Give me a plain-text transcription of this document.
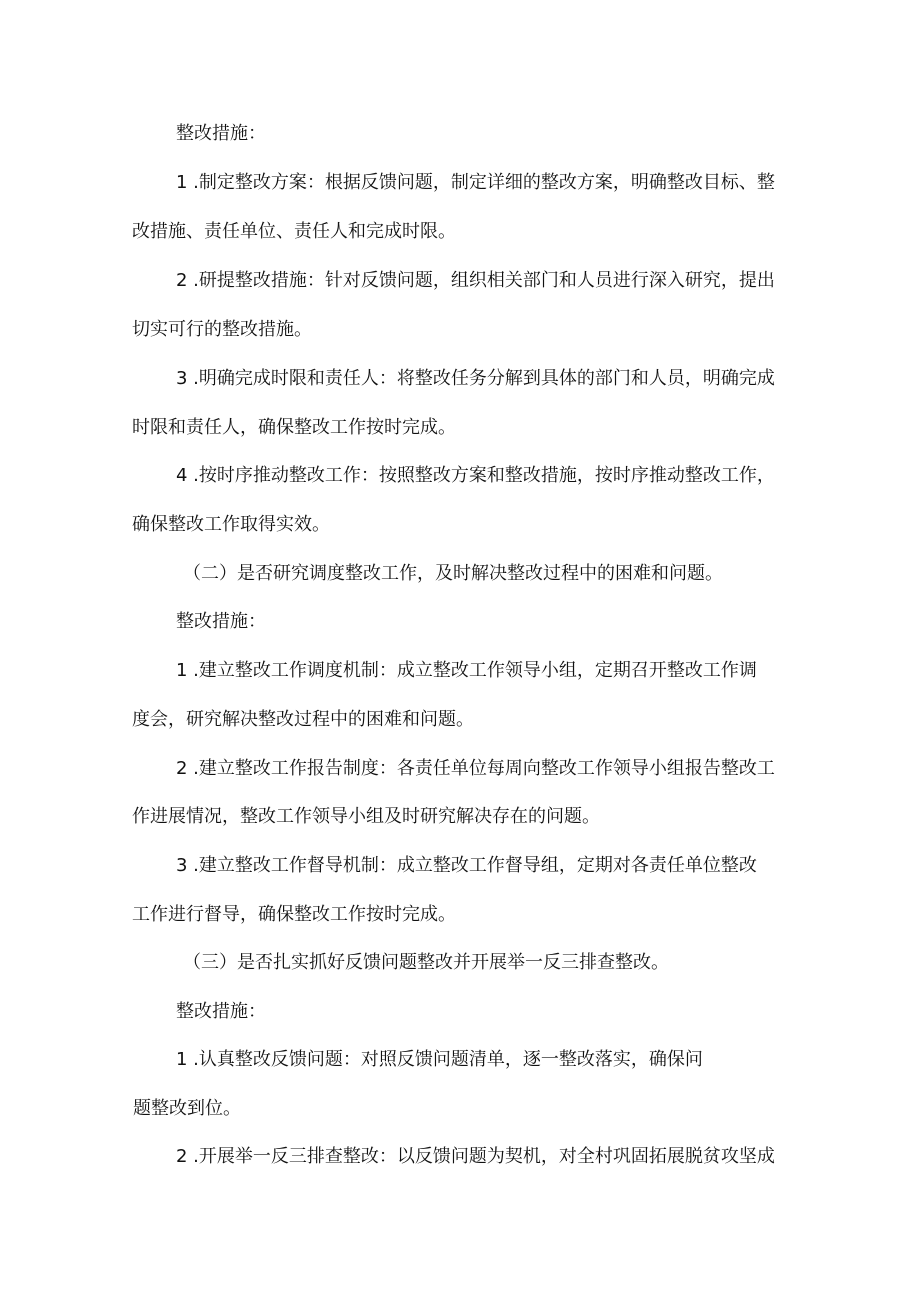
整改措施：
1 .制定整改方案：根据反馈问题，制定详细的整改方案，明确整改目标、整
改措施、责任单位、责任人和完成时限。
2 .研提整改措施：针对反馈问题，组织相关部门和人员进行深入研究，提出
切实可行的整改措施。
3 .明确完成时限和责任人：将整改任务分解到具体的部门和人员，明确完成
时限和责任人，确保整改工作按时完成。
4 .按时序推动整改工作：按照整改方案和整改措施，按时序推动整改工作，
确保整改工作取得实效。
（二）是否研究调度整改工作，及时解决整改过程中的困难和问题。
整改措施：
1 .建立整改工作调度机制：成立整改工作领导小组，定期召开整改工作调
度会，研究解决整改过程中的困难和问题。
2 .建立整改工作报告制度：各责任单位每周向整改工作领导小组报告整改工
作进展情况，整改工作领导小组及时研究解决存在的问题。
3 .建立整改工作督导机制：成立整改工作督导组，定期对各责任单位整改
工作进行督导，确保整改工作按时完成。
（三）是否扎实抓好反馈问题整改并开展举一反三排查整改。
整改措施：
1 .认真整改反馈问题：对照反馈问题清单，逐一整改落实，确保问
题整改到位。
2 .开展举一反三排查整改：以反馈问题为契机，对全村巩固拓展脱贫攻坚成
